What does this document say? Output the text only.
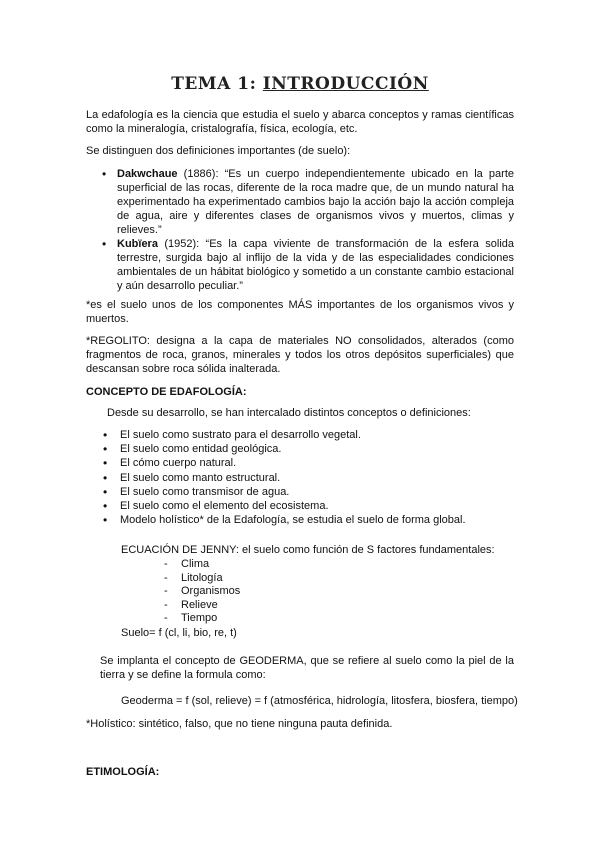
TEMA 1: INTRODUCCIÓN
La edafología es la ciencia que estudia el suelo y abarca conceptos y ramas científicas como la mineralogía, cristalografía, física, ecología, etc.
Se distinguen dos definiciones importantes (de suelo):
• Dakwchaue (1886): “Es un cuerpo independientemente ubicado en la parte superficial de las rocas, diferente de la roca madre que, de un mundo natural ha experimentado ha experimentado cambios bajo la acción bajo la acción compleja de agua, aire y diferentes clases de organismos vivos y muertos, climas y relieves.”
• Kubïera (1952): “Es la capa viviente de transformación de la esfera solida terrestre, surgida bajo al inflijo de la vida y de las especialidades condiciones ambientales de un hábitat biológico y sometido a un constante cambio estacional y aún desarrollo peculiar.”
*es el suelo unos de los componentes MÁS importantes de los organismos vivos y muertos.
*REGOLITO: designa a la capa de materiales NO consolidados, alterados (como fragmentos de roca, granos, minerales y todos los otros depósitos superficiales) que descansan sobre roca sólida inalterada.
CONCEPTO DE EDAFOLOGÍA:
Desde su desarrollo, se han intercalado distintos conceptos o definiciones:
• El suelo como sustrato para el desarrollo vegetal.
• El suelo como entidad geológica.
• El cómo cuerpo natural.
• El suelo como manto estructural.
• El suelo como transmisor de agua.
• El suelo como el elemento del ecosistema.
• Modelo holístico* de la Edafología, se estudia el suelo de forma global.
ECUACIÓN DE JENNY: el suelo como función de S factores fundamentales:
- Clima
- Litología
- Organismos
- Relieve
- Tiempo
Suelo= f (cl, li, bio, re, t)
Se implanta el concepto de GEODERMA, que se refiere al suelo como la piel de la tierra y se define la formula como:
Geoderma = f (sol, relieve) = f (atmosférica, hidrología, litosfera, biosfera, tiempo)
*Holístico: sintético, falso, que no tiene ninguna pauta definida.
ETIMOLOGÍA:
